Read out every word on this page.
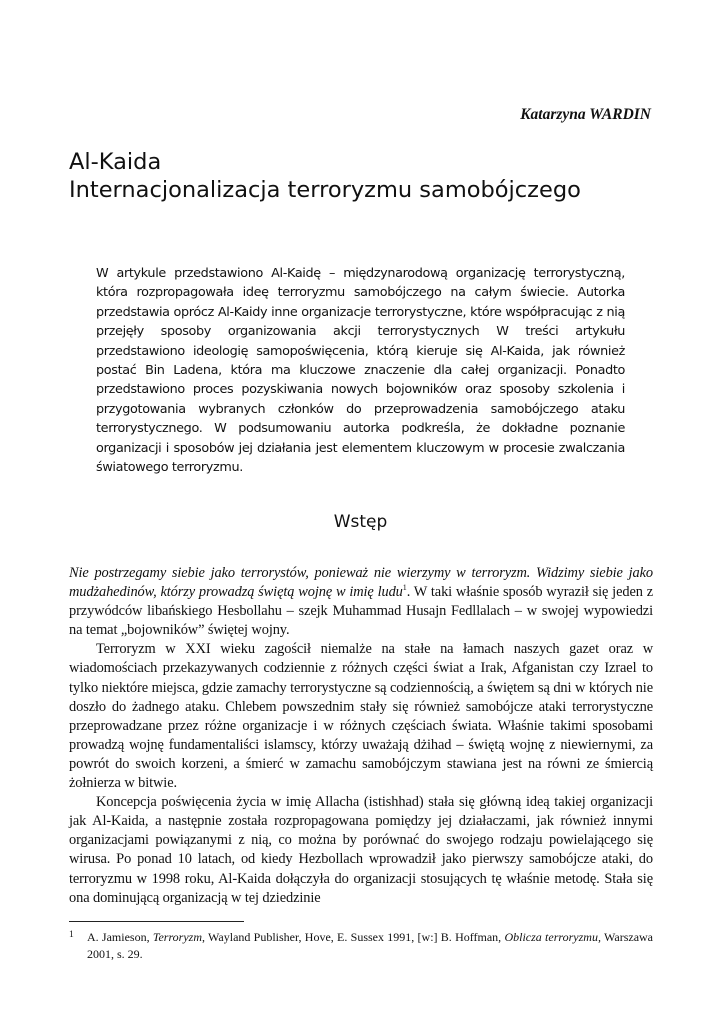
Katarzyna WARDIN
Al-Kaida
Internacjonalizacja terroryzmu samobójczego

W artykule przedstawiono Al-Kaidę – międzynarodową organizację terrorystyczną, która rozpropagowała ideę terroryzmu samobójczego na całym świecie. Autorka przedstawia oprócz Al-Kaidy inne organizacje terrorystyczne, które współpracując z nią przejęły sposoby organizowania akcji terrorystycznych W treści artykułu przedstawiono ideologię samopoświęcenia, którą kieruje się Al-Kaida, jak również postać Bin Ladena, która ma kluczowe znaczenie dla całej organizacji. Ponadto przedstawiono proces pozyskiwania nowych bojowników oraz sposoby szkolenia i przygotowania wybranych członków do przeprowadzenia samobójczego ataku terrorystycznego. W podsumowaniu autorka podkreśla, że dokładne poznanie organizacji i sposobów jej działania jest elementem kluczowym w procesie zwalczania światowego terroryzmu.

Wstęp

Nie postrzegamy siebie jako terrorystów, ponieważ nie wierzymy w terroryzm. Widzimy siebie jako mudżahedinów, którzy prowadzą świętą wojnę w imię ludu$^1$. W taki właśnie sposób wyraził się jeden z przywódców libańskiego Hesbollahu – szejk Muhammad Husajn Fedllalach – w swojej wypowiedzi na temat „bojowników” świętej wojny.

Terroryzm w XXI wieku zagościł niemalże na stałe na łamach naszych gazet oraz w wiadomościach przekazywanych codziennie z różnych części świat a Irak, Afganistan czy Izrael to tylko niektóre miejsca, gdzie zamachy terrorystyczne są codziennością, a świętem są dni w których nie doszło do żadnego ataku. Chlebem powszednim stały się również samobójcze ataki terrorystyczne przeprowadzane przez różne organizacje i w różnych częściach świata. Właśnie takimi sposobami prowadzą wojnę fundamentaliści islamscy, którzy uważają dżihad – świętą wojnę z niewiernymi, za powrót do swoich korzeni, a śmierć w zamachu samobójczym stawiana jest na równi ze śmiercią żołnierza w bitwie.

Koncepcja poświęcenia życia w imię Allacha (istishhad) stała się główną ideą takiej organizacji jak Al-Kaida, a następnie została rozpropagowana pomiędzy jej działaczami, jak również innymi organizacjami powiązanymi z nią, co można by porównać do swojego rodzaju powielającego się wirusa. Po ponad 10 latach, od kiedy Hezbollach wprowadził jako pierwszy samobójcze ataki, do terroryzmu w 1998 roku, Al-Kaida dołączyła do organizacji stosujących tę właśnie metodę. Stała się ona dominującą organizacją w tej dziedzinie

1 A. Jamieson, Terroryzm, Wayland Publisher, Hove, E. Sussex 1991, [w:] B. Hoffman, Oblicza terroryzmu, Warszawa 2001, s. 29.
